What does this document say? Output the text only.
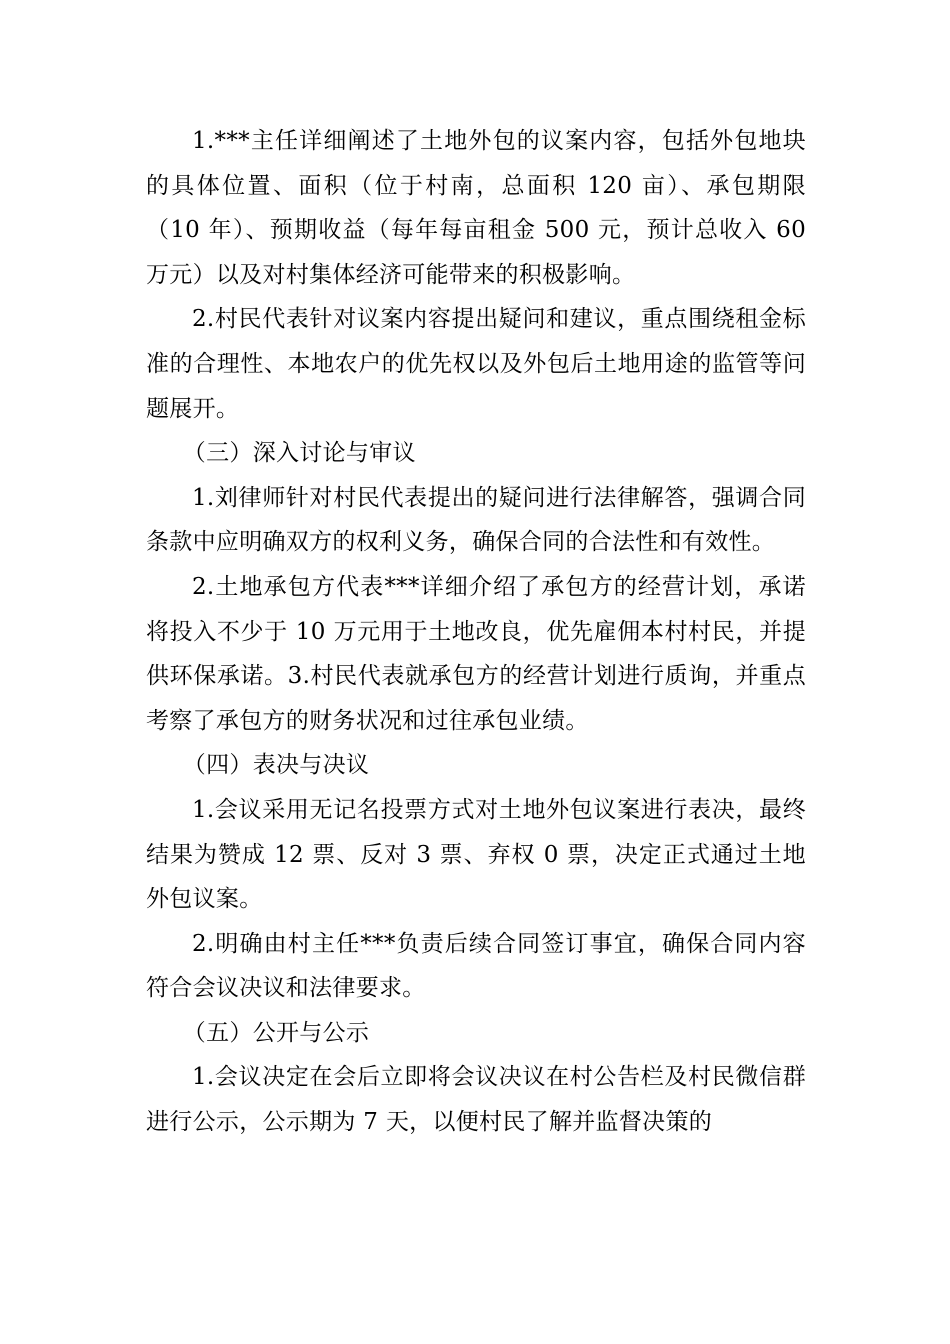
1.***主任详细阐述了土地外包的议案内容，包括外包地块的具体位置、面积（位于村南，总面积 120 亩）、承包期限（10 年）、预期收益（每年每亩租金 500 元，预计总收入 60 万元）以及对村集体经济可能带来的积极影响。

2.村民代表针对议案内容提出疑问和建议，重点围绕租金标准的合理性、本地农户的优先权以及外包后土地用途的监管等问题展开。

（三）深入讨论与审议

1.刘律师针对村民代表提出的疑问进行法律解答，强调合同条款中应明确双方的权利义务，确保合同的合法性和有效性。

2.土地承包方代表***详细介绍了承包方的经营计划，承诺将投入不少于 10 万元用于土地改良，优先雇佣本村村民，并提供环保承诺。3.村民代表就承包方的经营计划进行质询，并重点考察了承包方的财务状况和过往承包业绩。

（四）表决与决议

1.会议采用无记名投票方式对土地外包议案进行表决，最终结果为赞成 12 票、反对 3 票、弃权 0 票，决定正式通过土地外包议案。

2.明确由村主任***负责后续合同签订事宜，确保合同内容符合会议决议和法律要求。

（五）公开与公示

1.会议决定在会后立即将会议决议在村公告栏及村民微信群进行公示，公示期为 7 天，以便村民了解并监督决策的
